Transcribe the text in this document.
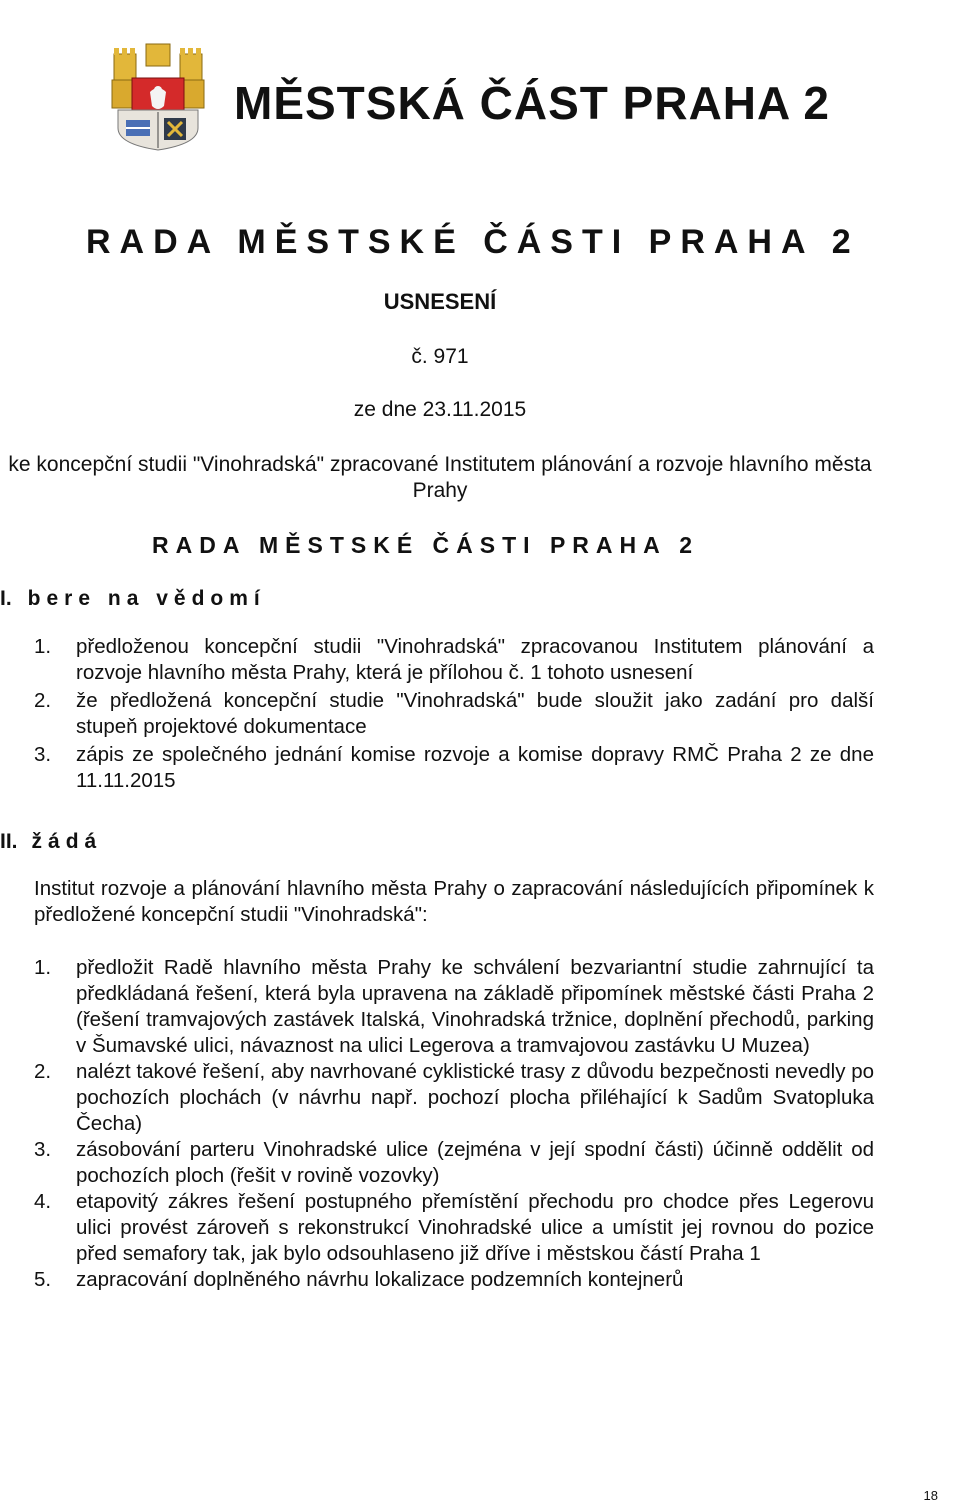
MĚSTSKÁ ČÁST PRAHA 2
RADA MĚSTSKÉ ČÁSTI PRAHA 2
USNESENÍ
č. 971
ze dne 23.11.2015
ke koncepční studii "Vinohradská" zpracované Institutem plánování a rozvoje hlavního města Prahy
RADA MĚSTSKÉ ČÁSTI PRAHA 2
I. bere na vědomí
1. předloženou koncepční studii "Vinohradská" zpracovanou Institutem plánování a rozvoje hlavního města Prahy, která je přílohou č. 1 tohoto usnesení
2. že předložená koncepční studie "Vinohradská" bude sloužit jako zadání pro další stupeň projektové dokumentace
3. zápis ze společného jednání komise rozvoje a komise dopravy RMČ Praha 2 ze dne 11.11.2015
II. žádá
Institut rozvoje a plánování hlavního města Prahy o zapracování následujících připomínek k předložené koncepční studii "Vinohradská":
1. předložit Radě hlavního města Prahy ke schválení bezvariantní studie zahrnující ta předkládaná řešení, která byla upravena na základě připomínek městské části Praha 2 (řešení tramvajových zastávek Italská, Vinohradská tržnice, doplnění přechodů, parking v Šumavské ulici, návaznost na ulici Legerova a tramvajovou zastávku U Muzea)
2. nalézt takové řešení, aby navrhované cyklistické trasy z důvodu bezpečnosti nevedly po pochozích plochách (v návrhu např. pochozí plocha přiléhající k Sadům Svatopluka Čecha)
3. zásobování parteru Vinohradské ulice (zejména v její spodní části) účinně oddělit od pochozích ploch (řešit v rovině vozovky)
4. etapovitý zákres řešení postupného přemístění přechodu pro chodce přes Legerovu ulici provést zároveň s rekonstrukcí Vinohradské ulice a umístit jej rovnou do pozice před semafory tak, jak bylo odsouhlaseno již dříve i městskou částí Praha 1
5. zapracování doplněného návrhu lokalizace podzemních kontejnerů
18
